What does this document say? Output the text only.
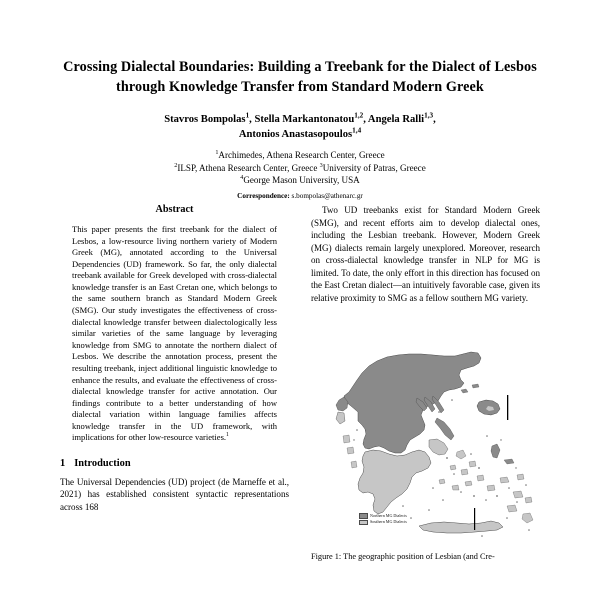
Crossing Dialectal Boundaries: Building a Treebank for the Dialect of Lesbos through Knowledge Transfer from Standard Modern Greek
Stavros Bompolas$^1$, Stella Markantonatou$^{1,2}$, Angela Ralli$^{1,3}$,
Antonios Anastasopoulos$^{1,4}$
$^1$Archimedes, Athena Research Center, Greece
$^2$ILSP, Athena Research Center, Greece $^3$University of Patras, Greece
$^4$George Mason University, USA
Correspondence: s.bompolas@athenarc.gr
Abstract

This paper presents the first treebank for the dialect of Lesbos, a low-resource living northern variety of Modern Greek (MG), annotated according to the Universal Dependencies (UD) framework. So far, the only dialectal treebank available for Greek developed with cross-dialectal knowledge transfer is an East Cretan one, which belongs to the same southern branch as Standard Modern Greek (SMG). Our study investigates the effectiveness of cross-dialectal knowledge transfer between dialectologically less similar varieties of the same language by leveraging knowledge from SMG to annotate the northern dialect of Lesbos. We describe the annotation process, present the resulting treebank, inject additional linguistic knowledge to enhance the results, and evaluate the effectiveness of cross-dialectal knowledge transfer for active annotation. Our findings contribute to a better understanding of how dialectal variation within language families affects knowledge transfer in the UD framework, with implications for other low-resource varieties.$^1$

1 Introduction

The Universal Dependencies (UD) project (de Marneffe et al., 2021) has established consistent syntactic representations across 168

Two UD treebanks exist for Standard Modern Greek (SMG), and recent efforts aim to develop dialectal ones, including the Lesbian treebank. However, Modern Greek (MG) dialects remain largely unexplored. Moreover, research on cross-dialectal knowledge transfer in NLP for MG is limited. To date, the only effort in this direction has focused on the East Cretan dialect—an intuitively favorable case, given its relative proximity to SMG as a fellow southern MG variety.

Northern MG Dialects
Southern MG Dialects

Figure 1: The geographic position of Lesbian (and Cre-
